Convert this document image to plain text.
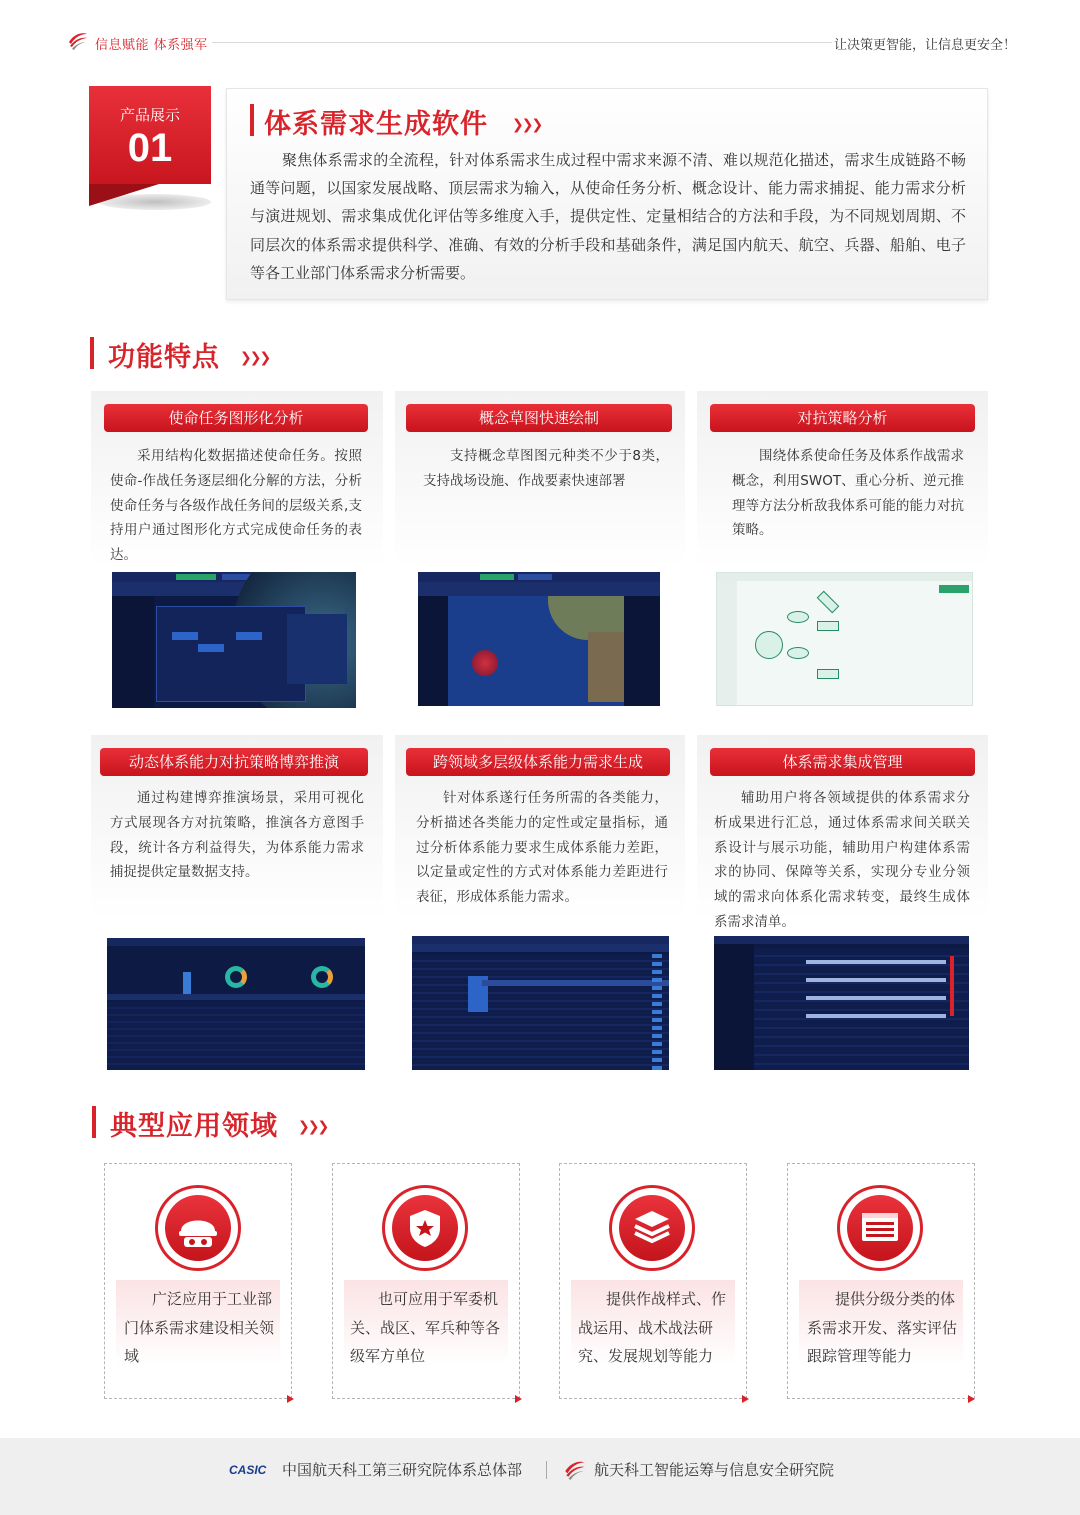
信息赋能 体系强军	让决策更智能，让信息更安全！
产品展示
01
体系需求生成软件 ❯❯❯
聚焦体系需求的全流程，针对体系需求生成过程中需求来源不清、难以规范化描述，需求生成链路不畅通等问题，以国家发展战略、顶层需求为输入，从使命任务分析、概念设计、能力需求捕捉、能力需求分析与演进规划、需求集成优化评估等多维度入手，提供定性、定量相结合的方法和手段，为不同规划周期、不同层次的体系需求提供科学、准确、有效的分析手段和基础条件，满足国内航天、航空、兵器、船舶、电子等各工业部门体系需求分析需要。
功能特点 ❯❯❯
使命任务图形化分析
采用结构化数据描述使命任务。按照使命-作战任务逐层细化分解的方法，分析使命任务与各级作战任务间的层级关系,支持用户通过图形化方式完成使命任务的表达。
概念草图快速绘制
支持概念草图图元种类不少于8类，支持战场设施、作战要素快速部署
对抗策略分析
围绕体系使命任务及体系作战需求概念，利用SWOT、重心分析、逆元推理等方法分析敌我体系可能的能力对抗策略。
动态体系能力对抗策略博弈推演
通过构建博弈推演场景，采用可视化方式展现各方对抗策略，推演各方意图手段，统计各方利益得失，为体系能力需求捕捉提供定量数据支持。
跨领域多层级体系能力需求生成
针对体系遂行任务所需的各类能力，分析描述各类能力的定性或定量指标，通过分析体系能力要求生成体系能力差距，以定量或定性的方式对体系能力差距进行表征，形成体系能力需求。
体系需求集成管理
辅助用户将各领域提供的体系需求分析成果进行汇总，通过体系需求间关联关系设计与展示功能，辅助用户构建体系需求的协同、保障等关系，实现分专业分领域的需求向体系化需求转变，最终生成体系需求清单。
典型应用领域 ❯❯❯
广泛应用于工业部门体系需求建设相关领域
也可应用于军委机关、战区、军兵种等各级军方单位
提供作战样式、作战运用、战术战法研究、发展规划等能力
提供分级分类的体系需求开发、落实评估跟踪管理等能力
CASIC 中国航天科工第三研究院体系总体部	航天科工智能运筹与信息安全研究院
